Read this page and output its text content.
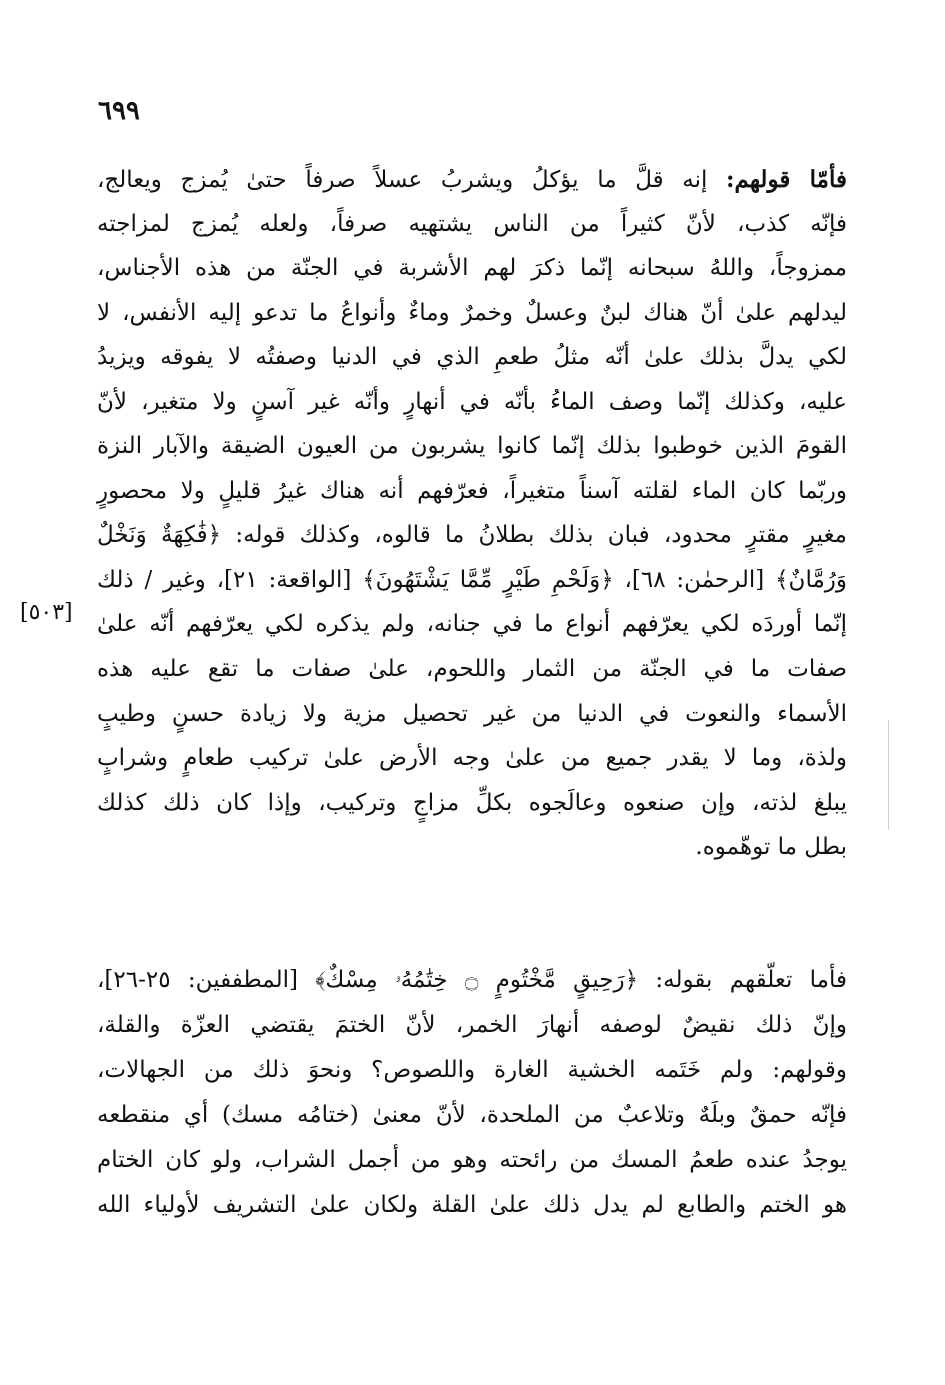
٦٩٩
[٥٠٣]
فأمّا قولهم: إنه قلَّ ما يؤكلُ ويشربُ عسلاً صرفاً حتىٰ يُمزج ويعالج،
فإنّه كذب، لأنّ كثيراً من الناس يشتهيه صرفاً، ولعله يُمزج لمزاجته
ممزوجاً، واللهُ سبحانه إنّما ذكرَ لهم الأشربة في الجنّة من هذه الأجناس،
ليدلهم علىٰ أنّ هناك لبنٌ وعسلٌ وخمرٌ وماءٌ وأنواعُ ما تدعو إليه الأنفس، لا
لكي يدلَّ بذلك علىٰ أنّه مثلُ طعمِ الذي في الدنيا وصفتُه لا يفوقه ويزيدُ
عليه، وكذلك إنّما وصف الماءُ بأنّه في أنهارٍ وأنّه غير آسنٍ ولا متغير، لأنّ
القومَ الذين خوطبوا بذلك إنّما كانوا يشربون من العيون الضيقة والآبار النزة
وربّما كان الماء لقلته آسناً متغيراً، فعرّفهم أنه هناك غيرُ قليلٍ ولا محصورٍ
مغيرٍ مقترٍ محدود، فبان بذلك بطلانُ ما قالوه، وكذلك قوله: ﴿فَٰكِهَةٌ وَنَخْلٌ
وَرُمَّانٌ﴾ [الرحمٰن: ٦٨]، ﴿وَلَحْمِ طَيْرٍ مِّمَّا يَشْتَهُونَ﴾ [الواقعة: ٢١]، وغير / ذلك
إنّما أوردَه لكي يعرّفهم أنواع ما في جنانه، ولم يذكره لكي يعرّفهم أنّه علىٰ
صفات ما في الجنّة من الثمار واللحوم، علىٰ صفات ما تقع عليه هذه
الأسماء والنعوت في الدنيا من غير تحصيل مزية ولا زيادة حسنٍ وطيبٍ
ولذة، وما لا يقدر جميع من علىٰ وجه الأرض علىٰ تركيب طعامٍ وشرابٍ
يبلغ لذته، وإن صنعوه وعالَجوه بكلِّ مزاجٍ وتركيب، وإذا كان ذلك كذلك
بطل ما توهّموه.
فأما تعلّقهم بقوله: ﴿رَحِيقٍ مَّخْتُومٍ ۝ خِتَٰمُهُۥ مِسْكٌ﴾ [المطففين: ٢٥-٢٦]،
وإنّ ذلك نقيضٌ لوصفه أنهارَ الخمر، لأنّ الختمَ يقتضي العزّة والقلة،
وقولهم: ولم خَتَمه الخشية الغارة واللصوص؟ ونحوَ ذلك من الجهالات،
فإنّه حمقٌ وبلَهٌ وتلاعبٌ من الملحدة، لأنّ معنىٰ (ختامُه مسك) أي منقطعه
يوجدُ عنده طعمُ المسك من رائحته وهو من أجمل الشراب، ولو كان الختام
هو الختم والطابع لم يدل ذلك علىٰ القلة ولكان علىٰ التشريف لأولياء الله
